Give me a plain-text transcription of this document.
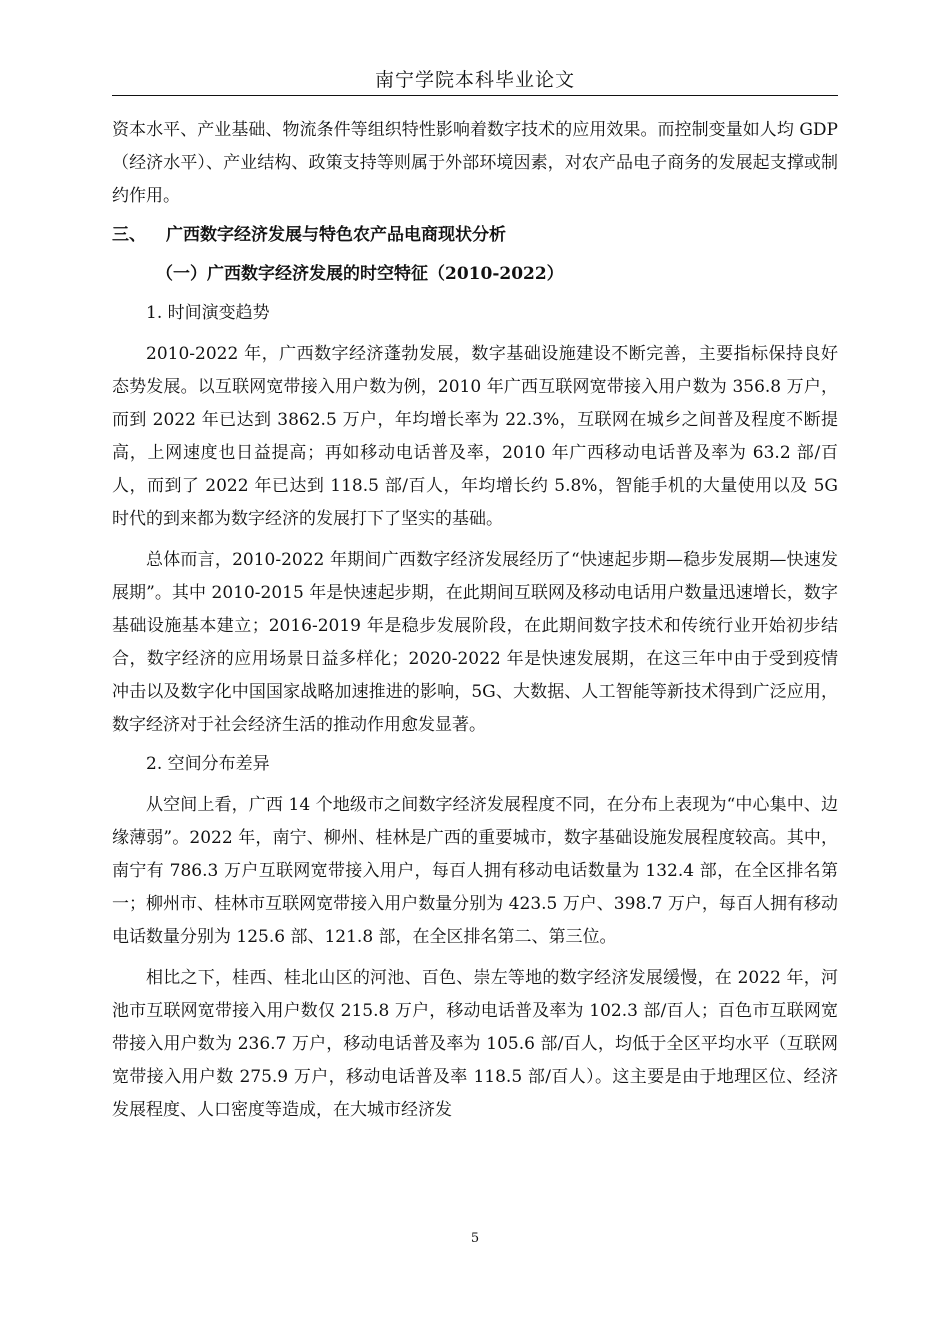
南宁学院本科毕业论文

资本水平、产业基础、物流条件等组织特性影响着数字技术的应用效果。而控制变量如人均 GDP（经济水平）、产业结构、政策支持等则属于外部环境因素，对农产品电子商务的发展起支撑或制约作用。

三、 广西数字经济发展与特色农产品电商现状分析
（一）广西数字经济发展的时空特征（2010-2022）
1. 时间演变趋势

2010-2022 年，广西数字经济蓬勃发展，数字基础设施建设不断完善，主要指标保持良好态势发展。以互联网宽带接入用户数为例，2010 年广西互联网宽带接入用户数为 356.8 万户，而到 2022 年已达到 3862.5 万户，年均增长率为 22.3%，互联网在城乡之间普及程度不断提高，上网速度也日益提高；再如移动电话普及率，2010 年广西移动电话普及率为 63.2 部/百人，而到了 2022 年已达到 118.5 部/百人，年均增长约 5.8%，智能手机的大量使用以及 5G 时代的到来都为数字经济的发展打下了坚实的基础。

总体而言，2010-2022 年期间广西数字经济发展经历了“快速起步期—稳步发展期—快速发展期”。其中 2010-2015 年是快速起步期，在此期间互联网及移动电话用户数量迅速增长，数字基础设施基本建立；2016-2019 年是稳步发展阶段，在此期间数字技术和传统行业开始初步结合，数字经济的应用场景日益多样化；2020-2022 年是快速发展期，在这三年中由于受到疫情冲击以及数字化中国国家战略加速推进的影响，5G、大数据、人工智能等新技术得到广泛应用，数字经济对于社会经济生活的推动作用愈发显著。

2. 空间分布差异

从空间上看，广西 14 个地级市之间数字经济发展程度不同，在分布上表现为“中心集中、边缘薄弱”。2022 年，南宁、柳州、桂林是广西的重要城市，数字基础设施发展程度较高。其中，南宁有 786.3 万户互联网宽带接入用户，每百人拥有移动电话数量为 132.4 部，在全区排名第一；柳州市、桂林市互联网宽带接入用户数量分别为 423.5 万户、398.7 万户，每百人拥有移动电话数量分别为 125.6 部、121.8 部，在全区排名第二、第三位。

相比之下，桂西、桂北山区的河池、百色、崇左等地的数字经济发展缓慢，在 2022 年，河池市互联网宽带接入用户数仅 215.8 万户，移动电话普及率为 102.3 部/百人；百色市互联网宽带接入用户数为 236.7 万户，移动电话普及率为 105.6 部/百人，均低于全区平均水平（互联网宽带接入用户数 275.9 万户，移动电话普及率 118.5 部/百人）。这主要是由于地理区位、经济发展程度、人口密度等造成，在大城市经济发

5
